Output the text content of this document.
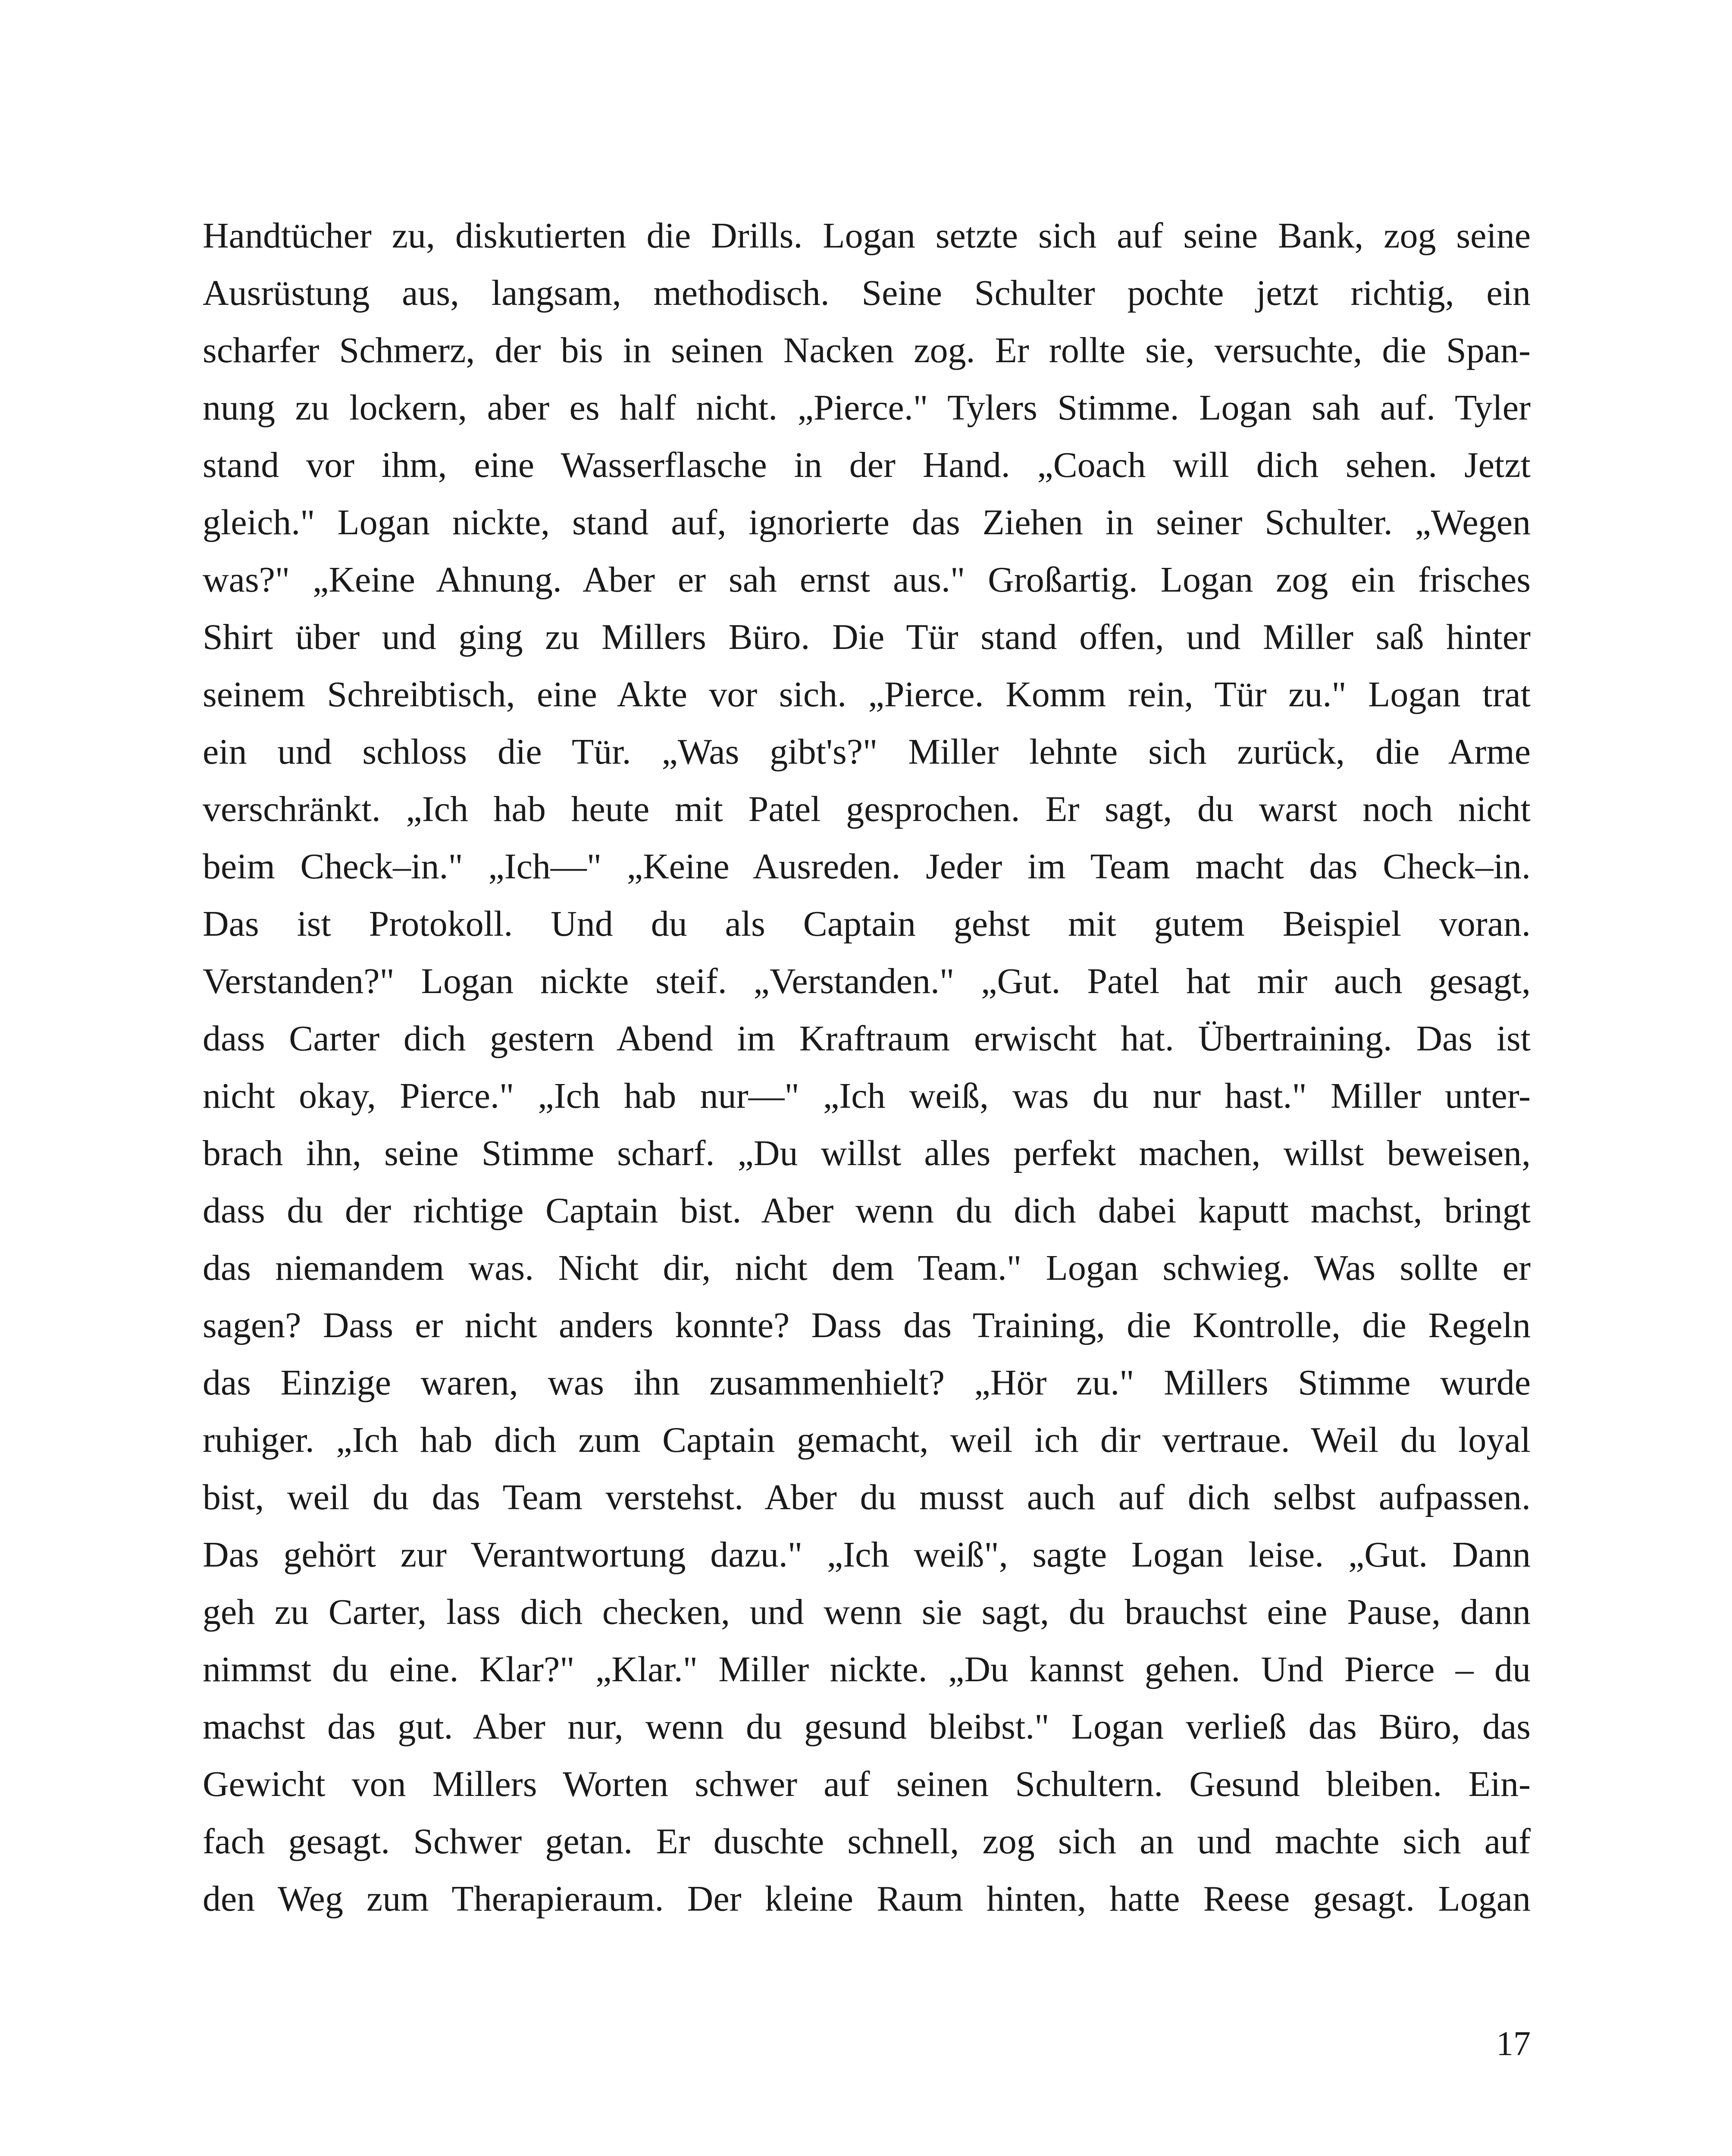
Handtücher zu, diskutierten die Drills. Logan setzte sich auf seine Bank, zog seine
Ausrüstung aus, langsam, methodisch. Seine Schulter pochte jetzt richtig, ein
scharfer Schmerz, der bis in seinen Nacken zog. Er rollte sie, versuchte, die Span-
nung zu lockern, aber es half nicht. „Pierce." Tylers Stimme. Logan sah auf. Tyler
stand vor ihm, eine Wasserflasche in der Hand. „Coach will dich sehen. Jetzt
gleich." Logan nickte, stand auf, ignorierte das Ziehen in seiner Schulter. „Wegen
was?" „Keine Ahnung. Aber er sah ernst aus." Großartig. Logan zog ein frisches
Shirt über und ging zu Millers Büro. Die Tür stand offen, und Miller saß hinter
seinem Schreibtisch, eine Akte vor sich. „Pierce. Komm rein, Tür zu." Logan trat
ein und schloss die Tür. „Was gibt's?" Miller lehnte sich zurück, die Arme
verschränkt. „Ich hab heute mit Patel gesprochen. Er sagt, du warst noch nicht
beim Check–in." „Ich—" „Keine Ausreden. Jeder im Team macht das Check–in.
Das ist Protokoll. Und du als Captain gehst mit gutem Beispiel voran.
Verstanden?" Logan nickte steif. „Verstanden." „Gut. Patel hat mir auch gesagt,
dass Carter dich gestern Abend im Kraftraum erwischt hat. Übertraining. Das ist
nicht okay, Pierce." „Ich hab nur—" „Ich weiß, was du nur hast." Miller unter-
brach ihn, seine Stimme scharf. „Du willst alles perfekt machen, willst beweisen,
dass du der richtige Captain bist. Aber wenn du dich dabei kaputt machst, bringt
das niemandem was. Nicht dir, nicht dem Team." Logan schwieg. Was sollte er
sagen? Dass er nicht anders konnte? Dass das Training, die Kontrolle, die Regeln
das Einzige waren, was ihn zusammenhielt? „Hör zu." Millers Stimme wurde
ruhiger. „Ich hab dich zum Captain gemacht, weil ich dir vertraue. Weil du loyal
bist, weil du das Team verstehst. Aber du musst auch auf dich selbst aufpassen.
Das gehört zur Verantwortung dazu." „Ich weiß", sagte Logan leise. „Gut. Dann
geh zu Carter, lass dich checken, und wenn sie sagt, du brauchst eine Pause, dann
nimmst du eine. Klar?" „Klar." Miller nickte. „Du kannst gehen. Und Pierce – du
machst das gut. Aber nur, wenn du gesund bleibst." Logan verließ das Büro, das
Gewicht von Millers Worten schwer auf seinen Schultern. Gesund bleiben. Ein-
fach gesagt. Schwer getan. Er duschte schnell, zog sich an und machte sich auf
den Weg zum Therapieraum. Der kleine Raum hinten, hatte Reese gesagt. Logan
17
